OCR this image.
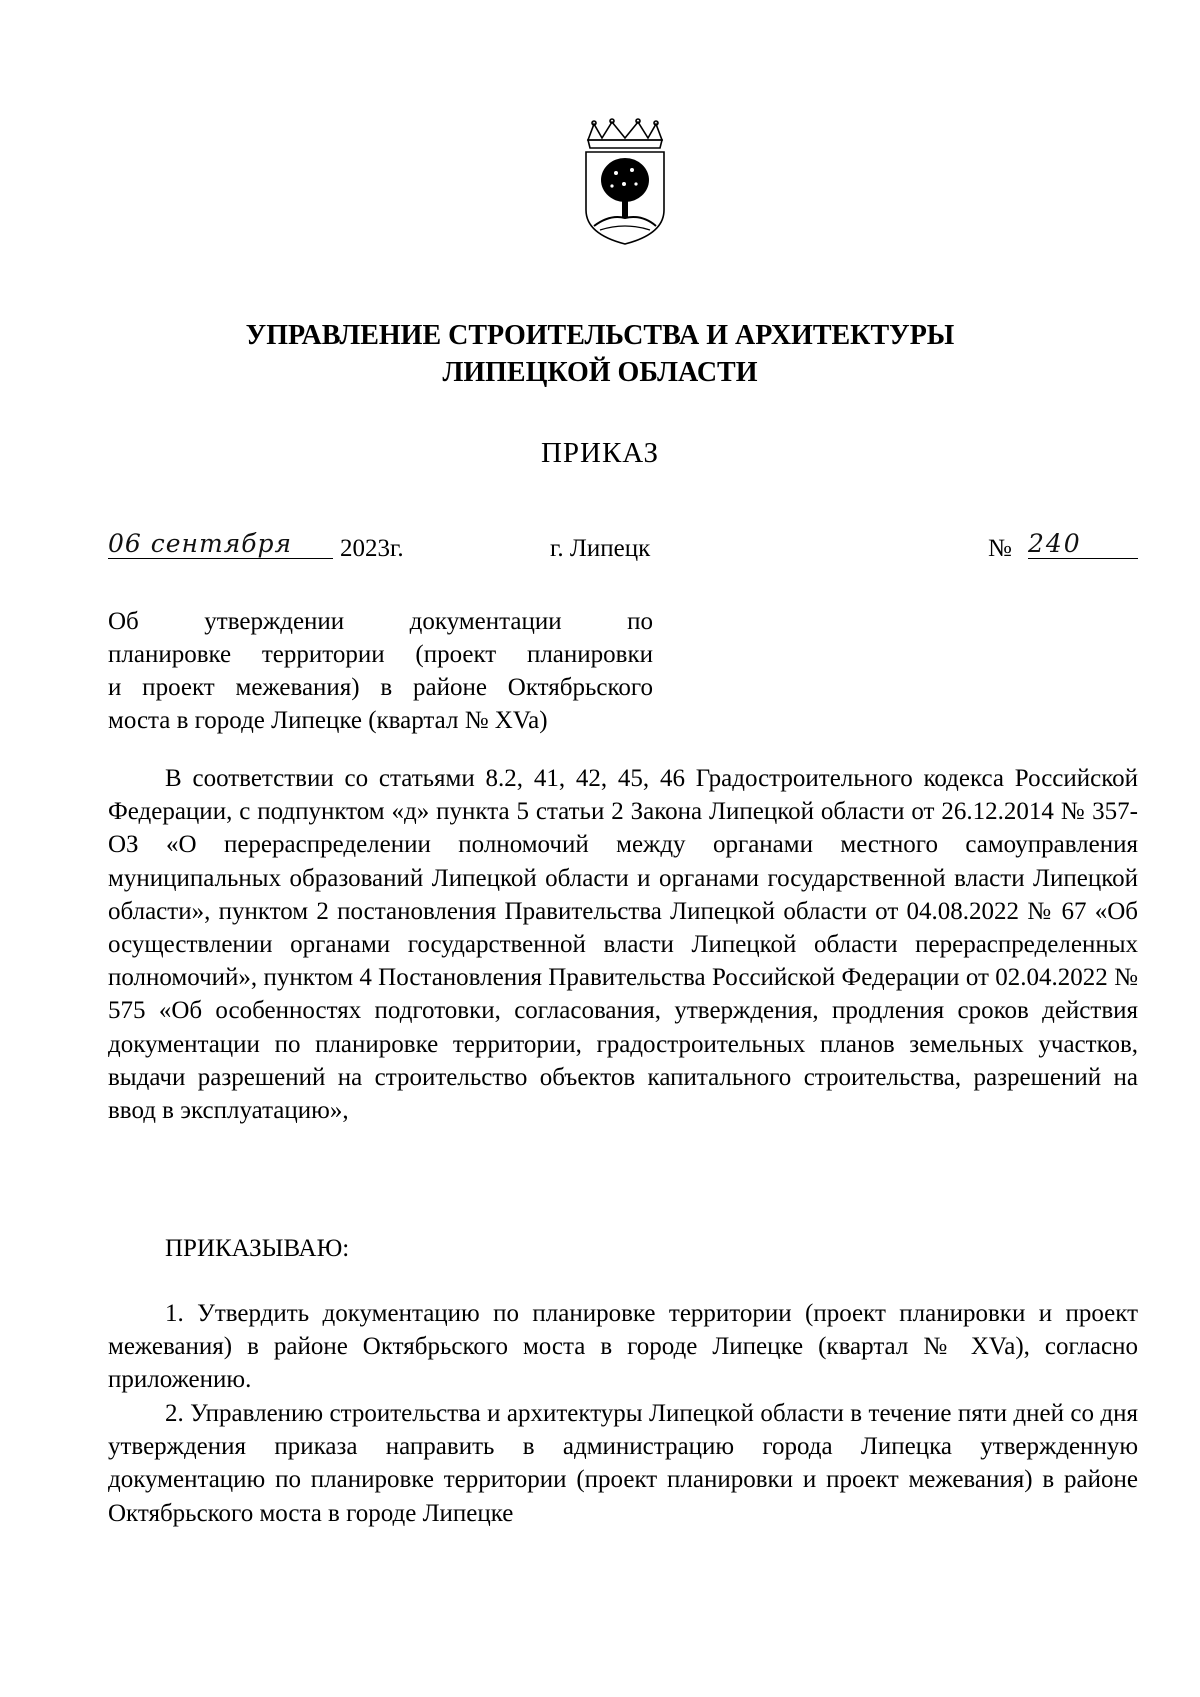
УПРАВЛЕНИЕ СТРОИТЕЛЬСТВА И АРХИТЕКТУРЫ
ЛИПЕЦКОЙ ОБЛАСТИ
ПРИКАЗ
06 сентября	2023г.	г. Липецк	№ 240
Об утверждении документации по
планировке территории (проект планировки
и проект межевания) в районе Октябрьского
моста в городе Липецке (квартал № XVa)
В соответствии со статьями 8.2, 41, 42, 45, 46 Градостроительного кодекса Российской Федерации, с подпунктом «д» пункта 5 статьи 2 Закона Липецкой области от 26.12.2014 № 357-ОЗ «О перераспределении полномочий между органами местного самоуправления муниципальных образований Липецкой области и органами государственной власти Липецкой области», пунктом 2 постановления Правительства Липецкой области от 04.08.2022 № 67 «Об осуществлении органами государственной власти Липецкой области перераспределенных полномочий», пунктом 4 Постановления Правительства Российской Федерации от 02.04.2022 № 575 «Об особенностях подготовки, согласования, утверждения, продления сроков действия документации по планировке территории, градостроительных планов земельных участков, выдачи разрешений на строительство объектов капитального строительства, разрешений на ввод в эксплуатацию»,
ПРИКАЗЫВАЮ:
1. Утвердить документацию по планировке территории (проект планировки и проект межевания) в районе Октябрьского моста в городе Липецке (квартал № XVa), согласно приложению.
2. Управлению строительства и архитектуры Липецкой области в течение пяти дней со дня утверждения приказа направить в администрацию города Липецка утвержденную документацию по планировке территории (проект планировки и проект межевания) в районе Октябрьского моста в городе Липецке
